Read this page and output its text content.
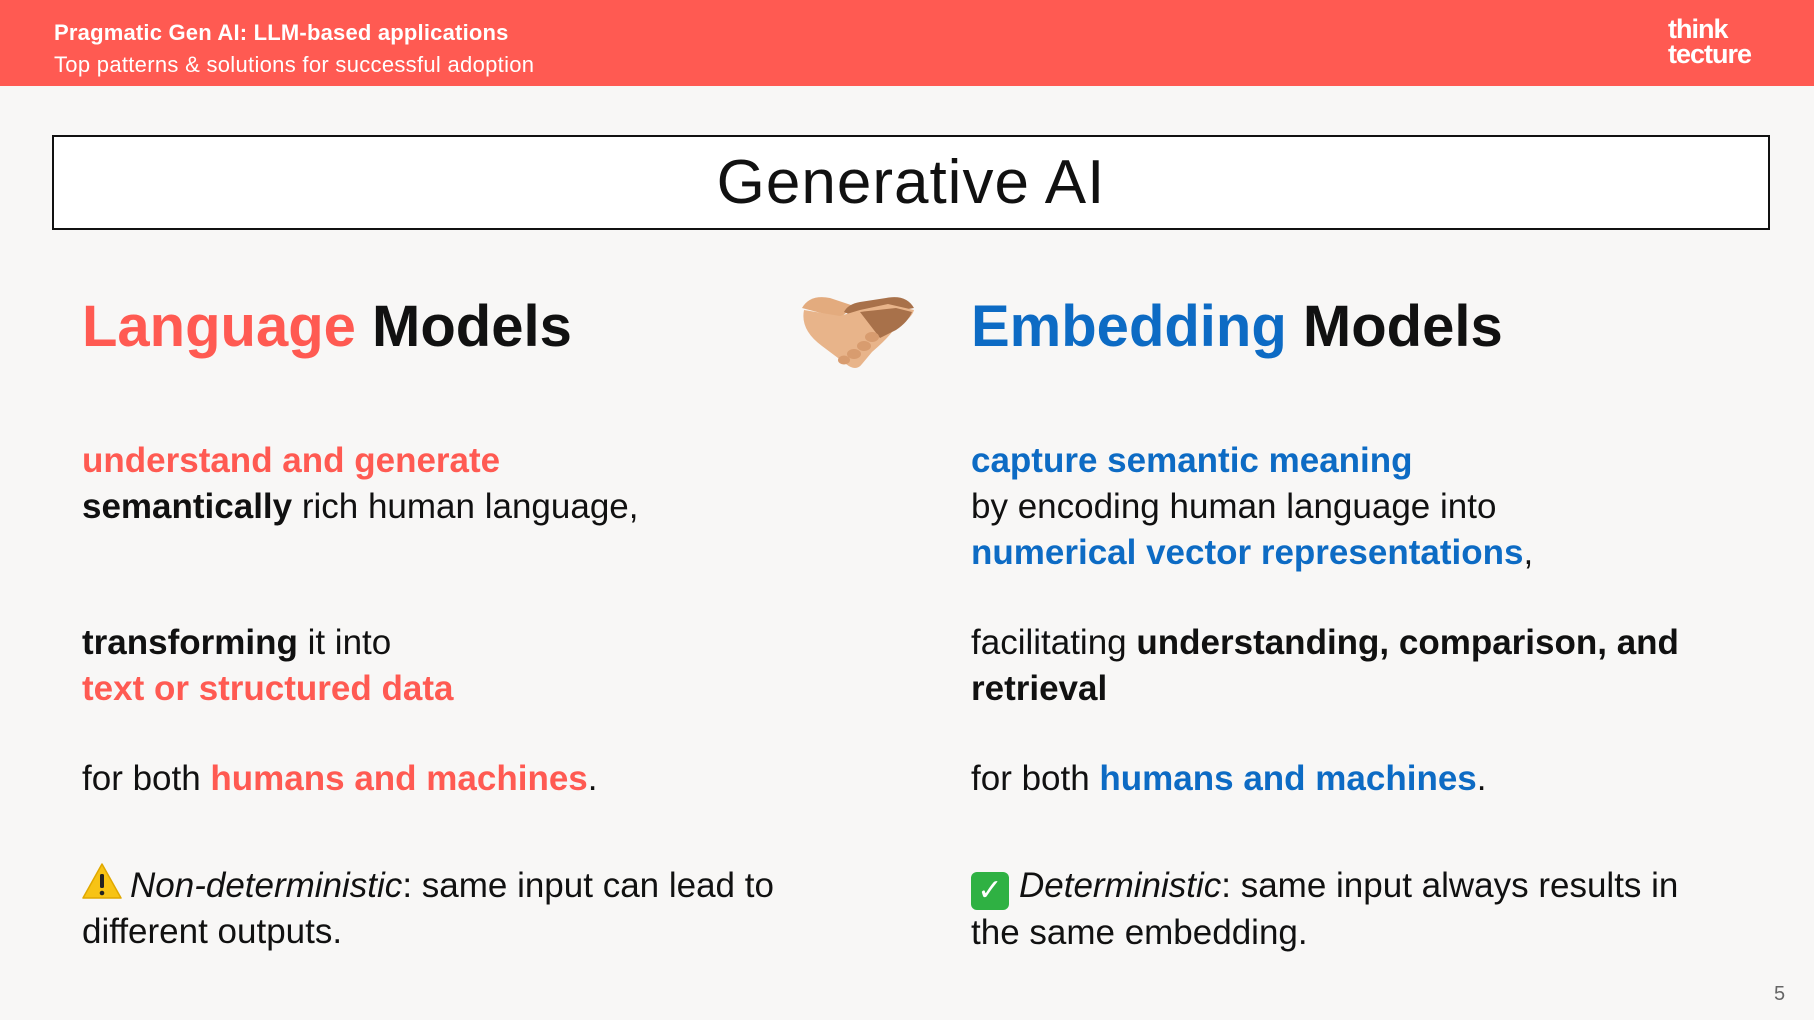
Pragmatic Gen AI: LLM-based applications
Top patterns & solutions for successful adoption
think
tecture
Generative AI
Language Models
understand and generate
semantically rich human language,
transforming it into
text or structured data
for both humans and machines.
Non-deterministic: same input can lead to different outputs.
Embedding Models
capture semantic meaning
by encoding human language into
numerical vector representations,
facilitating understanding, comparison, and retrieval
for both humans and machines.
✓ Deterministic: same input always results in the same embedding.
5
